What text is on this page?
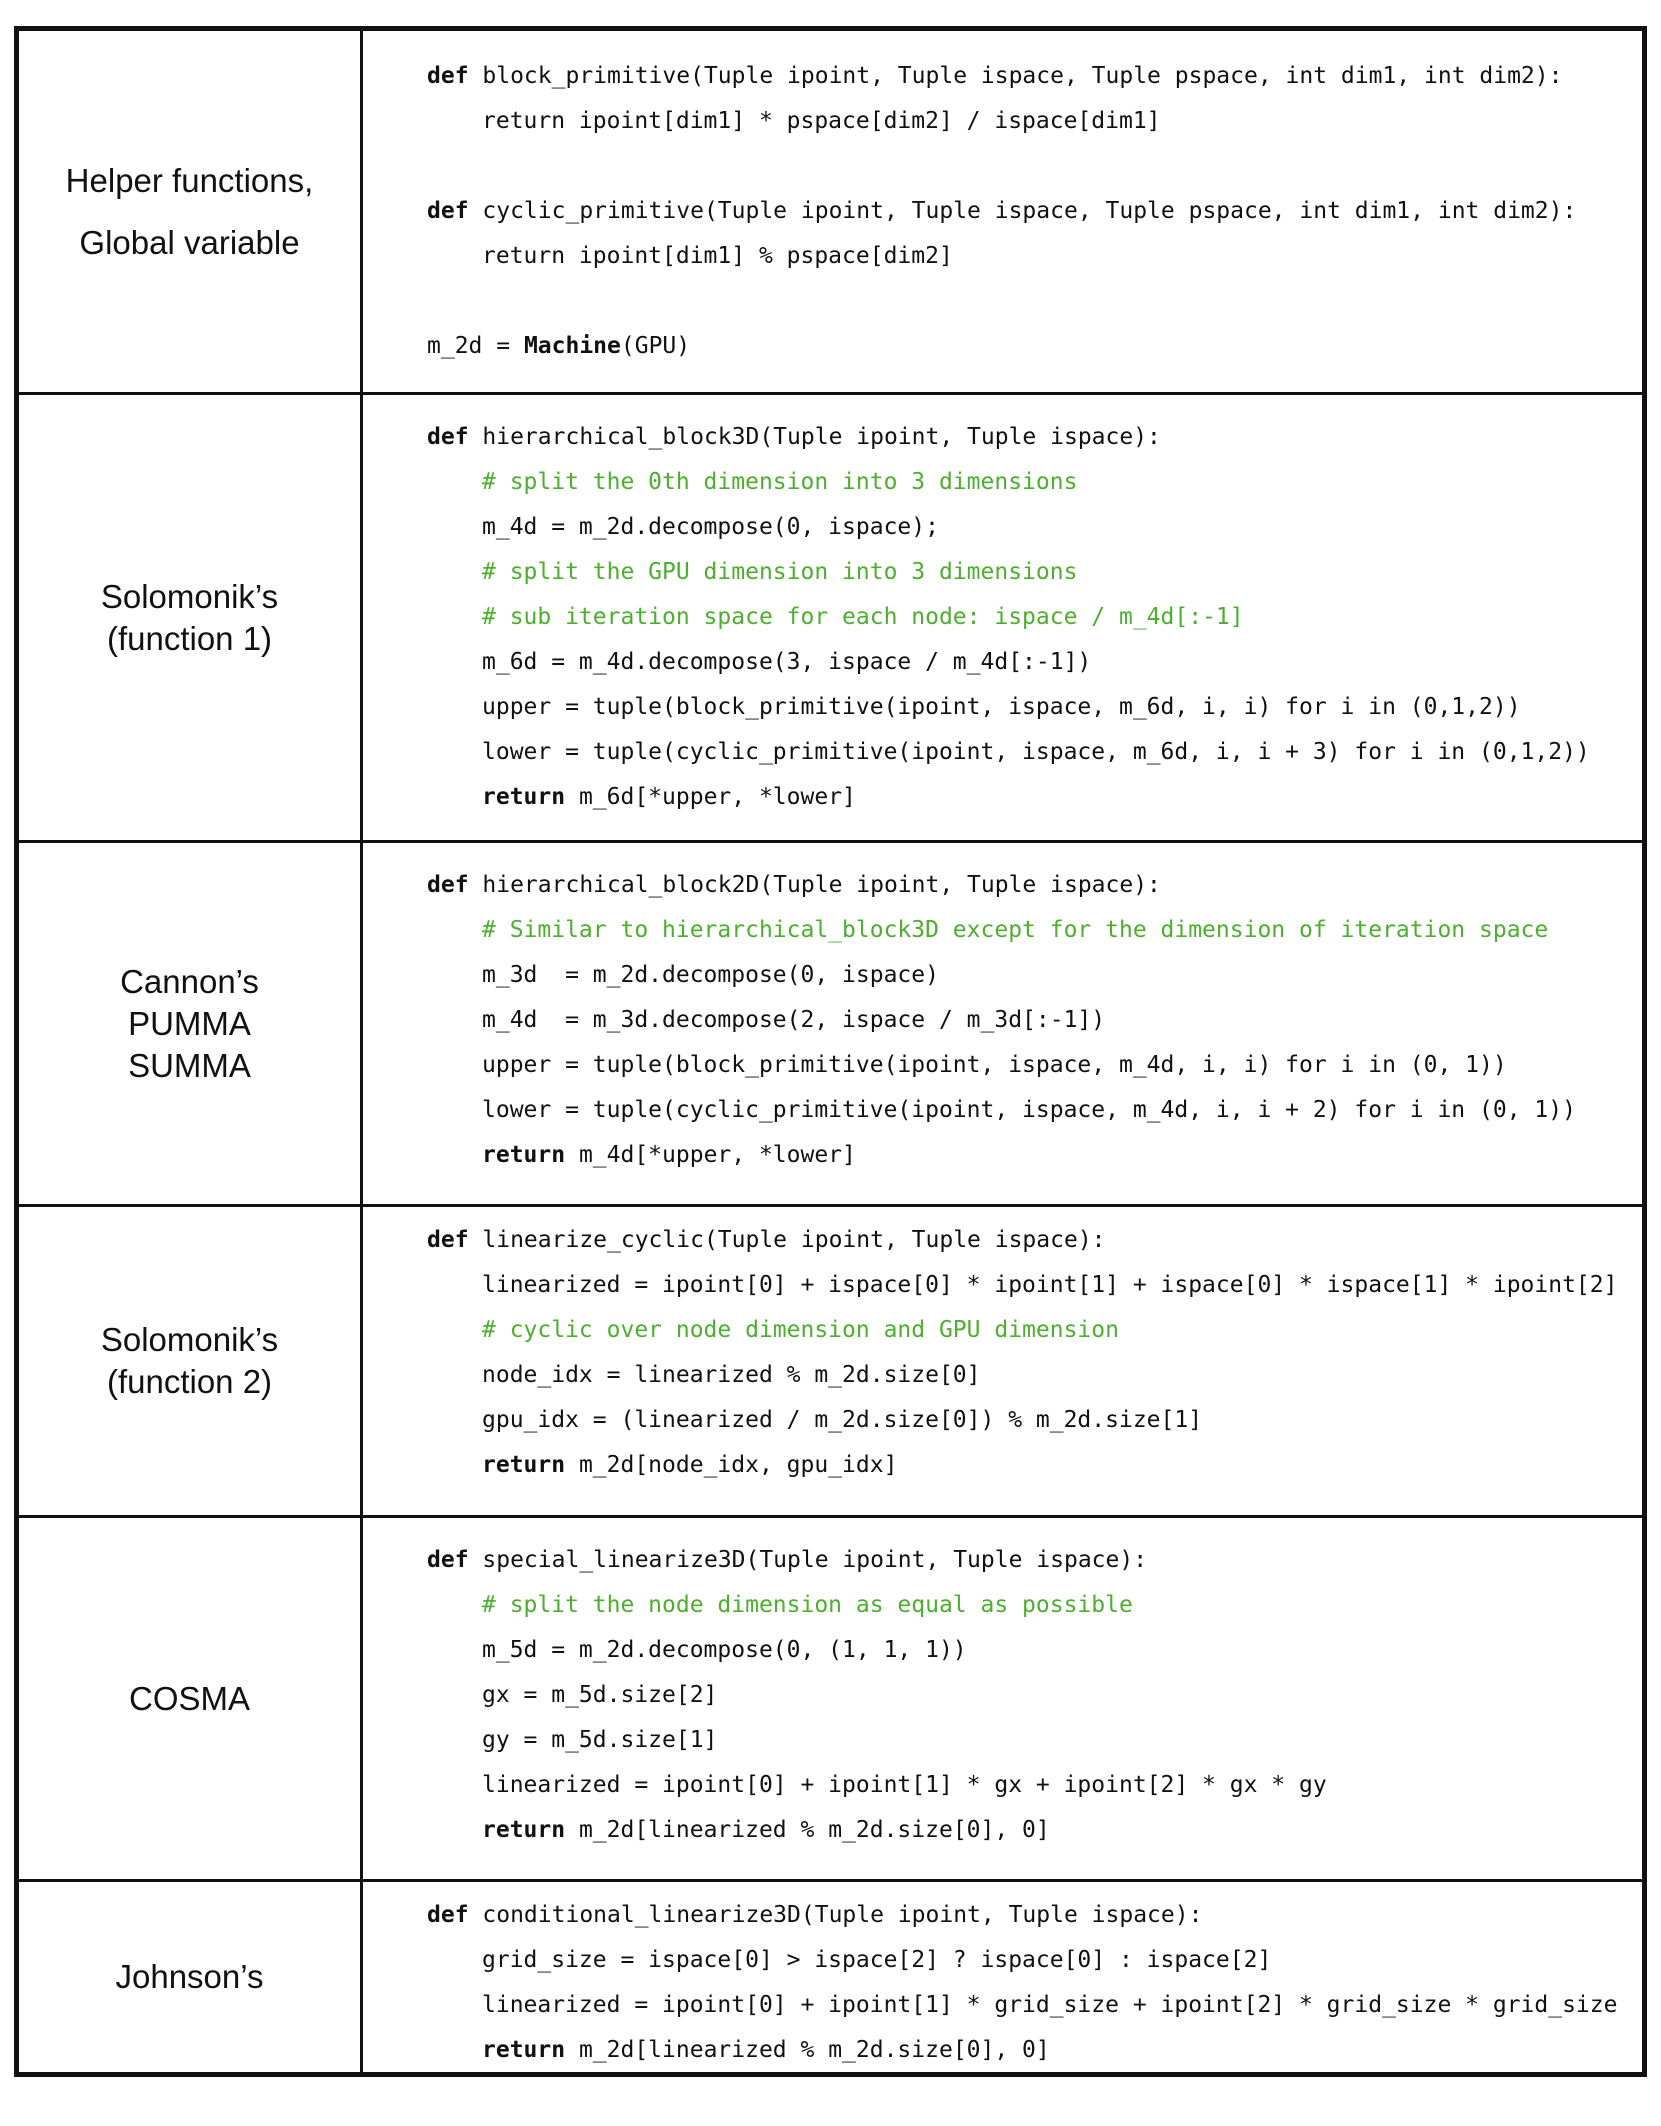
Helper functions,
Global variable
def block_primitive(Tuple ipoint, Tuple ispace, Tuple pspace, int dim1, int dim2):
return ipoint[dim1] * pspace[dim2] / ispace[dim1]
def cyclic_primitive(Tuple ipoint, Tuple ispace, Tuple pspace, int dim1, int dim2):
return ipoint[dim1] % pspace[dim2]
m_2d = Machine(GPU)
Solomonik’s
(function 1)
def hierarchical_block3D(Tuple ipoint, Tuple ispace):
# split the 0th dimension into 3 dimensions
m_4d = m_2d.decompose(0, ispace);
# split the GPU dimension into 3 dimensions
# sub iteration space for each node: ispace / m_4d[:-1]
m_6d = m_4d.decompose(3, ispace / m_4d[:-1])
upper = tuple(block_primitive(ipoint, ispace, m_6d, i, i) for i in (0,1,2))
lower = tuple(cyclic_primitive(ipoint, ispace, m_6d, i, i + 3) for i in (0,1,2))
return m_6d[*upper, *lower]
Cannon’s
PUMMA
SUMMA
def hierarchical_block2D(Tuple ipoint, Tuple ispace):
# Similar to hierarchical_block3D except for the dimension of iteration space
m_3d  = m_2d.decompose(0, ispace)
m_4d  = m_3d.decompose(2, ispace / m_3d[:-1])
upper = tuple(block_primitive(ipoint, ispace, m_4d, i, i) for i in (0, 1))
lower = tuple(cyclic_primitive(ipoint, ispace, m_4d, i, i + 2) for i in (0, 1))
return m_4d[*upper, *lower]
Solomonik’s
(function 2)
def linearize_cyclic(Tuple ipoint, Tuple ispace):
linearized = ipoint[0] + ispace[0] * ipoint[1] + ispace[0] * ispace[1] * ipoint[2]
# cyclic over node dimension and GPU dimension
node_idx = linearized % m_2d.size[0]
gpu_idx = (linearized / m_2d.size[0]) % m_2d.size[1]
return m_2d[node_idx, gpu_idx]
COSMA
def special_linearize3D(Tuple ipoint, Tuple ispace):
# split the node dimension as equal as possible
m_5d = m_2d.decompose(0, (1, 1, 1))
gx = m_5d.size[2]
gy = m_5d.size[1]
linearized = ipoint[0] + ipoint[1] * gx + ipoint[2] * gx * gy
return m_2d[linearized % m_2d.size[0], 0]
Johnson’s
def conditional_linearize3D(Tuple ipoint, Tuple ispace):
grid_size = ispace[0] > ispace[2] ? ispace[0] : ispace[2]
linearized = ipoint[0] + ipoint[1] * grid_size + ipoint[2] * grid_size * grid_size
return m_2d[linearized % m_2d.size[0], 0]
